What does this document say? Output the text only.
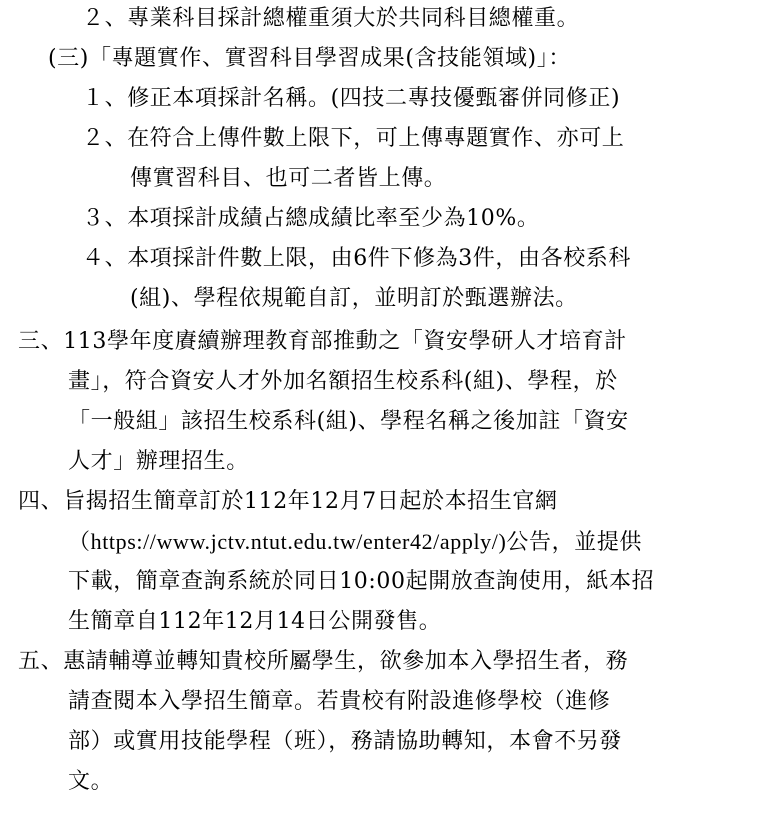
２、專業科目採計總權重須大於共同科目總權重。
(三)「專題實作、實習科目學習成果(含技能領域)」：
１、修正本項採計名稱。(四技二專技優甄審併同修正)
２、在符合上傳件數上限下，可上傳專題實作、亦可上
傳實習科目、也可二者皆上傳。
３、本項採計成績占總成績比率至少為10%。
４、本項採計件數上限，由6件下修為3件，由各校系科
(組)、學程依規範自訂，並明訂於甄選辦法。
三、113學年度賡續辦理教育部推動之「資安學研人才培育計
畫」，符合資安人才外加名額招生校系科(組)、學程，於
「一般組」該招生校系科(組)、學程名稱之後加註「資安
人才」辦理招生。
四、旨揭招生簡章訂於112年12月7日起於本招生官網
（https://www.jctv.ntut.edu.tw/enter42/apply/)公告，並提供
下載，簡章查詢系統於同日10:00起開放查詢使用，紙本招
生簡章自112年12月14日公開發售。
五、惠請輔導並轉知貴校所屬學生，欲參加本入學招生者，務
請查閱本入學招生簡章。若貴校有附設進修學校（進修
部）或實用技能學程（班），務請協助轉知，本會不另發
文。
